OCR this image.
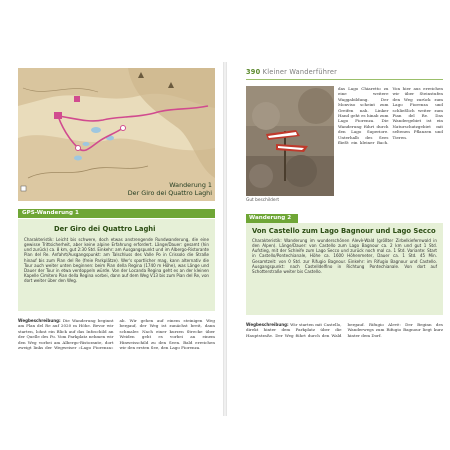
Wanderung 1
Der Giro dei Quattro Laghi
GPS-Wanderung 1
Der Giro dei Quattro Laghi
Charakteristik: Leicht bis schwere, doch etwas anstrengende Rundwanderung, die eine gewisse Trittsicherheit, aber keine alpine Erfahrung erfordert. Länge/Dauer: gesamt (hin und zurück) ca. 8 km, gut 2:30 Std. Einkehr: am Ausgangspunkt und im Albergo-Ristorante Pian del Re. Anfahrt/Ausgangspunkt: am Talschluss des Valle Po in Crissolo die Straße hinauf bis zum Pian del Re (freie Parkplätze). Wer's sportlicher mag, kann alternativ die Tour auch weiter unten beginnen: beim Pian della Regina (1740 m Höhe), was Länge und Dauer der Tour in etwa verdoppeln würde. Von der Locanda Regina geht es an der kleinen Kapelle Cimitero Pian della Regina vorbei, dann auf dem Weg V13 bis zum Pian del Re, von dort weiter über den Weg.
Wegbeschreibung: Die Wanderung beginnt am Plan del Re auf 2020 m Höhe. Bevor wir starten, lohnt ein Blick auf das Infoschild an der Quelle des Po. Vom Parkplatz nehmen wir den Weg vorbei am Albergo-Ristorante, dort zweigt links der Wegweiser »Lago Fiorenza« ab. Wir gehen auf einem steinigen Weg bergauf, der Weg ist zunächst breit, dann schmaler. Nach einer kurzen Strecke über Weiden geht es vorbei an einem Hinweisschild zu den Seen. Bald erreichen wir den ersten See, den Lago Fiorenza.
390 Kleiner Wanderführer
das Lago Chiaretto zu eine weitere Waggabildung. Der Monviso scheint zum Greifen nah. Linker Hand geht es hinab zum Lago Fiorenza. Die Wanderung führt durch den Lago Superiore. Unterhalb des Sees fließt ein kleiner Bach. Von hier aus erreichen wir über Steinstufen den Weg zurück zum Lago Fiorenza und schließlich weiter zum Pian del Re. Das Wandergebiet ist ein Naturschutzgebiet mit seltenen Pflanzen und Tieren.
Gut beschildert
Wanderung 2
Von Castello zum Lago Bagnour und Lago Secco
Charakteristik: Wanderung im wunderschönen Alevè-Wald (größter Zirbelkiefernwald in den Alpen). Länge/Dauer: von Castello zum Lago Bagnour ca. 2 km und gut 1 Std. Aufstieg, mit der Schleife zum Lago Secco und zurück noch mal ca. 1 Std. Variante: Start in Castello/Pontechianale, Höhe ca. 1600 Höhenmeter, Dauer ca. 1 Std. 45 Min. Gesamtzeit: von 0 Std. zur Rifugio Bagnour. Einkehr: im Rifugio Bagnour und Castello. Ausgangspunkt: nach Castelldelfino in Richtung Pontechianale. Von dort auf Schotterstraße weiter bis Castello.
Wegbeschreibung: Wir starten mit Castello, direkt hinter dem Parkplatz über die Hauptstraße. Der Weg führt durch den Wald bergauf. Rifugio Alevè: Der Beginn des Wanderwegs zum Rifugio Bagnour liegt kurz hinter dem Dorf.
